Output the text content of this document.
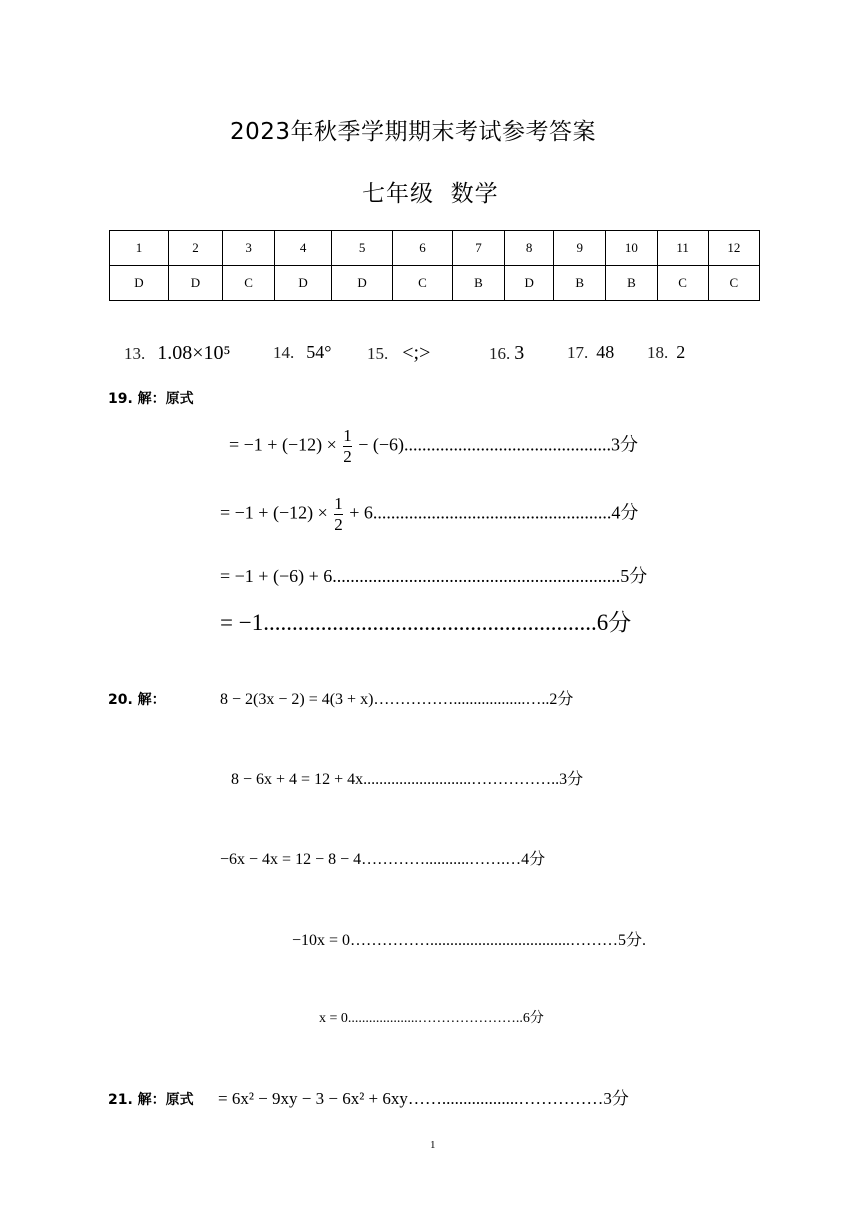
2023年秋季学期期末考试参考答案
七年级  数学
1	2	3	4	5	6	7	8	9	10	11	12
D	D	C	D	D	C	B	D	B	B	C	C
13. 1.08×10⁵ 14. 54° 15. <;>	16. 3	17. 48 18. 2
19. 解：原式
= $-1 + (-12) \times \frac{1}{2} - (-6)..............................................3$分
= $-1 + (-12) \times \frac{1}{2} + 6.....................................................4$分
= −1 + (−6) + 6................................................................5分
= −1..........................................................6分
20. 解：	8 − 2(3x − 2) = 4(3 + x)……………..................…..2分
8 − 6x + 4 = 12 + 4x...........................……………..3分
−6x − 4x = 12 − 8 − 4…………...........…….…4分
−10x = 0……………...................................………5分.
x = 0....................…………………..6分
21. 解：原式 = 6x² − 9xy − 3 − 6x² + 6xy……..................……………3分
1
